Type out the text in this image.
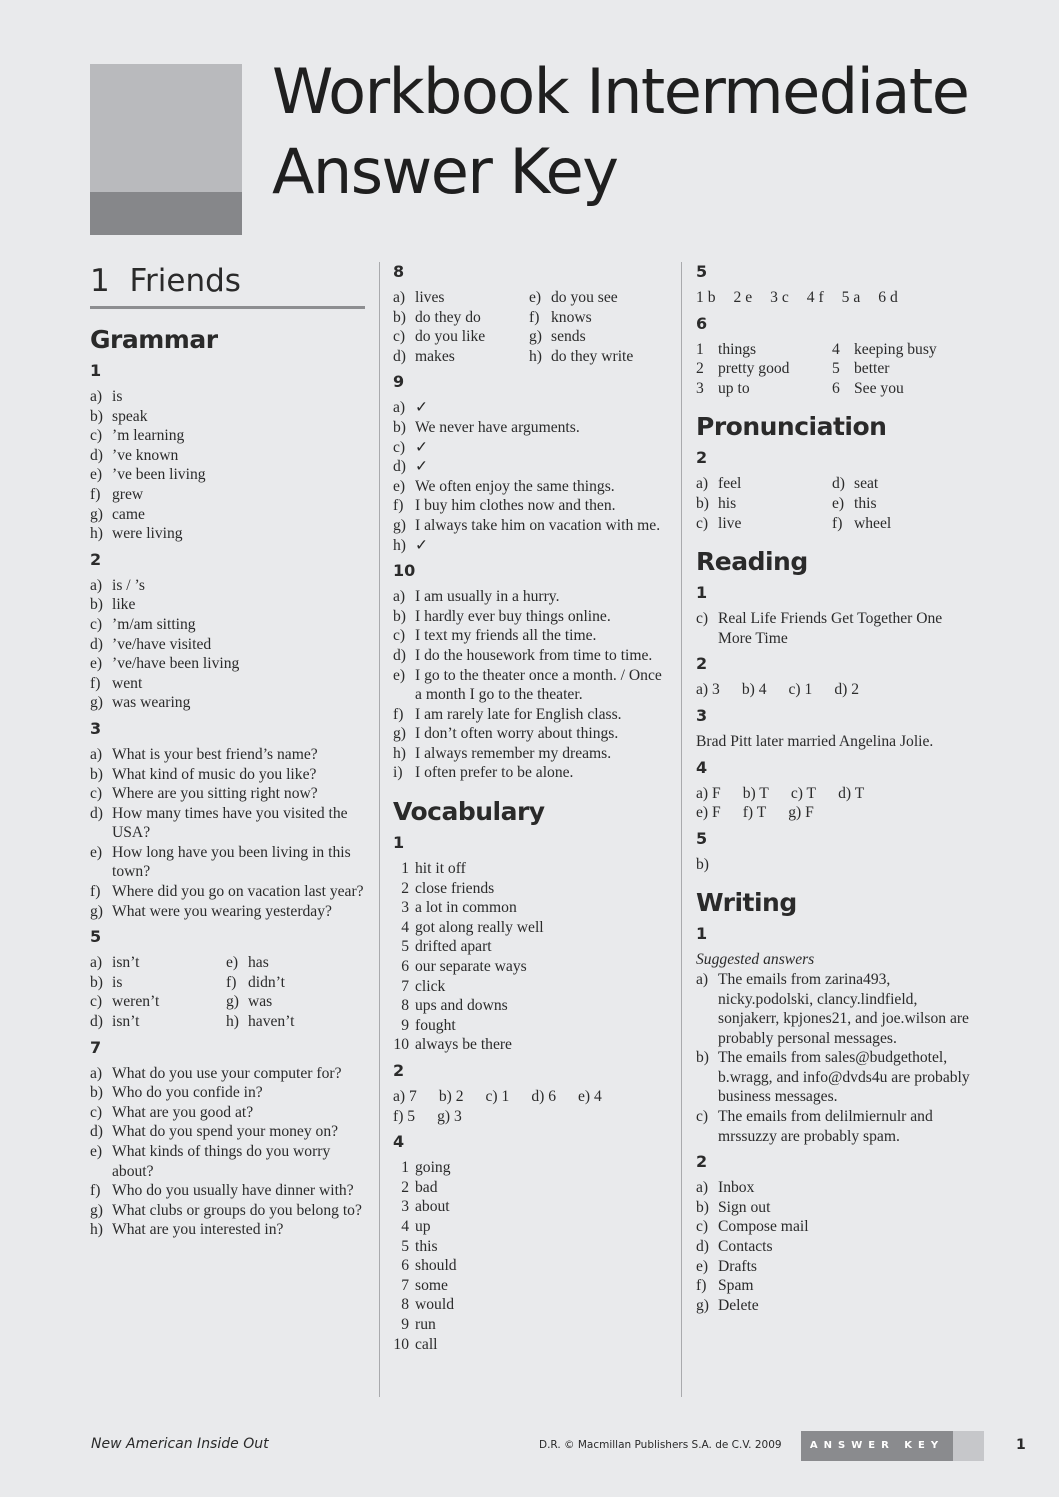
Workbook Intermediate
Answer Key
1 Friends
Grammar
1
a) is
b) speak
c) ’m learning
d) ’ve known
e) ’ve been living
f) grew
g) came
h) were living
2
a) is / ’s
b) like
c) ’m/am sitting
d) ’ve/have visited
e) ’ve/have been living
f) went
g) was wearing
3
a) What is your best friend’s name?
b) What kind of music do you like?
c) Where are you sitting right now?
d) How many times have you visited the USA?
e) How long have you been living in this town?
f) Where did you go on vacation last year?
g) What were you wearing yesterday?
5
a) isn’t	e) has
b) is	f) didn’t
c) weren’t	g) was
d) isn’t	h) haven’t
7
a) What do you use your computer for?
b) Who do you confide in?
c) What are you good at?
d) What do you spend your money on?
e) What kinds of things do you worry about?
f) Who do you usually have dinner with?
g) What clubs or groups do you belong to?
h) What are you interested in?
8
a) lives	e) do you see
b) do they do	f) knows
c) do you like	g) sends
d) makes	h) do they write
9
a) ✓
b) We never have arguments.
c) ✓
d) ✓
e) We often enjoy the same things.
f) I buy him clothes now and then.
g) I always take him on vacation with me.
h) ✓
10
a) I am usually in a hurry.
b) I hardly ever buy things online.
c) I text my friends all the time.
d) I do the housework from time to time.
e) I go to the theater once a month. / Once a month I go to the theater.
f) I am rarely late for English class.
g) I don’t often worry about things.
h) I always remember my dreams.
i) I often prefer to be alone.
Vocabulary
1
1 hit it off
2 close friends
3 a lot in common
4 got along really well
5 drifted apart
6 our separate ways
7 click
8 ups and downs
9 fought
10 always be there
2
a) 7 b) 2 c) 1 d) 6 e) 4
f) 5 g) 3
4
1 going
2 bad
3 about
4 up
5 this
6 should
7 some
8 would
9 run
10 call
5
1 b 2 e 3 c 4 f 5 a 6 d
6
1 things	4 keeping busy
2 pretty good	5 better
3 up to	6 See you
Pronunciation
2
a) feel	d) seat
b) his	e) this
c) live	f) wheel
Reading
1
c) Real Life Friends Get Together One More Time
2
a) 3 b) 4 c) 1 d) 2
3
Brad Pitt later married Angelina Jolie.
4
a) F b) T c) T d) T
e) F f) T g) F
5
b)
Writing
1
Suggested answers
a) The emails from zarina493, nicky.podolski, clancy.lindfield, sonjakerr, kpjones21, and joe.wilson are probably personal messages.
b) The emails from sales@budgethotel, b.wragg, and info@dvds4u are probably business messages.
c) The emails from delilmiernulr and mrssuzzy are probably spam.
2
a) Inbox
b) Sign out
c) Compose mail
d) Contacts
e) Drafts
f) Spam
g) Delete
New American Inside Out	D.R. © Macmillan Publishers S.A. de C.V. 2009	ANSWER KEY	1
